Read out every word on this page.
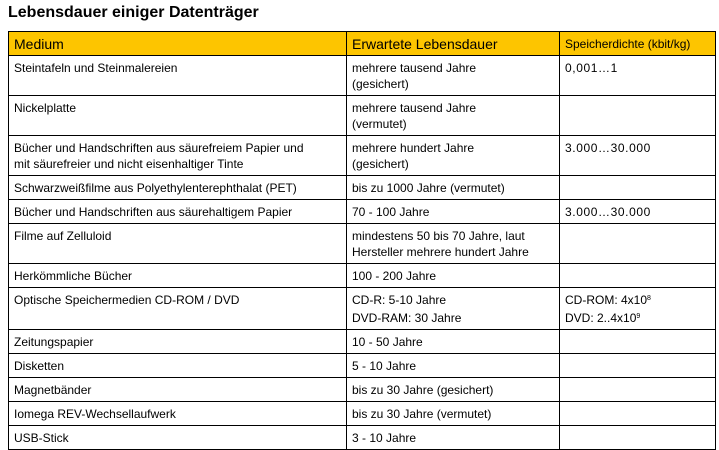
Lebensdauer einiger Datenträger
Medium	Erwartete Lebensdauer	Speicherdichte (kbit/kg)

Steintafeln und Steinmalereien	mehrere tausend Jahre
(gesichert)	0,001…1

Nickelplatte	mehrere tausend Jahre
(vermutet)	

Bücher und Handschriften aus säurefreiem Papier und
mit säurefreier und nicht eisenhaltiger Tinte	mehrere hundert Jahre
(gesichert)	3.000…30.000

Schwarzweißfilme aus Polyethylenterephthalat (PET)	bis zu 1000 Jahre (vermutet)	

Bücher und Handschriften aus säurehaltigem Papier	70 - 100 Jahre	3.000…30.000

Filme auf Zelluloid	mindestens 50 bis 70 Jahre, laut
Hersteller mehrere hundert Jahre	

Herkömmliche Bücher	100 - 200 Jahre	

Optische Speichermedien CD-ROM / DVD	CD-R: 5-10 Jahre
DVD-RAM: 30 Jahre	CD-ROM: $4x10^8$
DVD: $2..4x10^9$

Zeitungspapier	10 - 50 Jahre	

Disketten	5 - 10 Jahre	

Magnetbänder	bis zu 30 Jahre (gesichert)	

Iomega REV-Wechsellaufwerk	bis zu 30 Jahre (vermutet)	

USB-Stick	3 - 10 Jahre	
